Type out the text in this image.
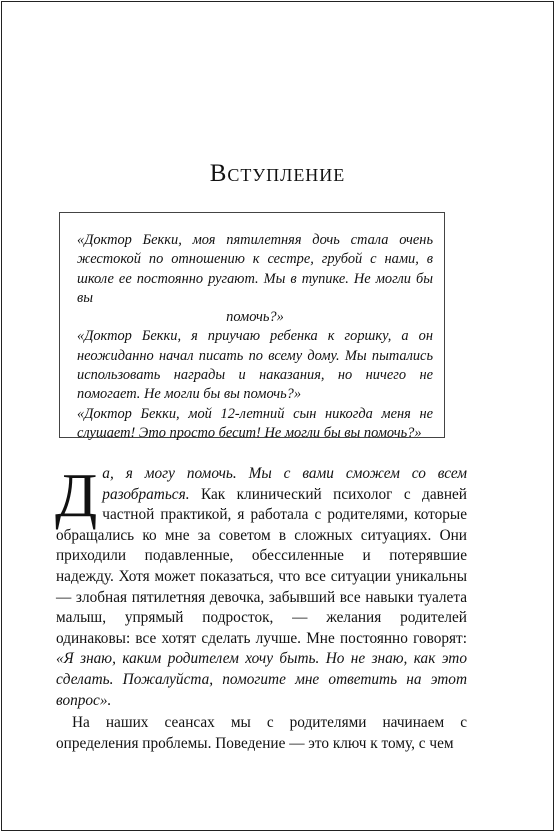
Вступление

«Доктор Бекки, моя пятилетняя дочь стала очень жестокой по отношению к сестре, грубой с нами, в школе ее постоянно ругают. Мы в тупике. Не могли бы вы

помочь?»

«Доктор Бекки, я приучаю ребенка к горшку, а он неожиданно начал писать по всему дому. Мы пытались использовать награды и наказания, но ничего не помогает. Не могли бы вы помочь?»

«Доктор Бекки, мой 12-летний сын никогда меня не слушает! Это просто бесит! Не могли бы вы помочь?»

Да, я могу помочь. Мы с вами сможем со всем разобраться. Как клинический психолог с давней частной практикой, я работала с родителями, которые обращались ко мне за советом в сложных ситуациях. Они приходили подавленные, обессиленные и потерявшие надежду. Хотя может показаться, что все ситуации уникальны — злобная пятилетняя девочка, забывший все навыки туалета малыш, упрямый подросток, — желания родителей одинаковы: все хотят сделать лучше. Мне постоянно говорят: «Я знаю, каким родителем хочу быть. Но не знаю, как это сделать. Пожалуйста, помогите мне ответить на этот вопрос».

На наших сеансах мы с родителями начинаем с определения проблемы. Поведение — это ключ к тому, с чем
